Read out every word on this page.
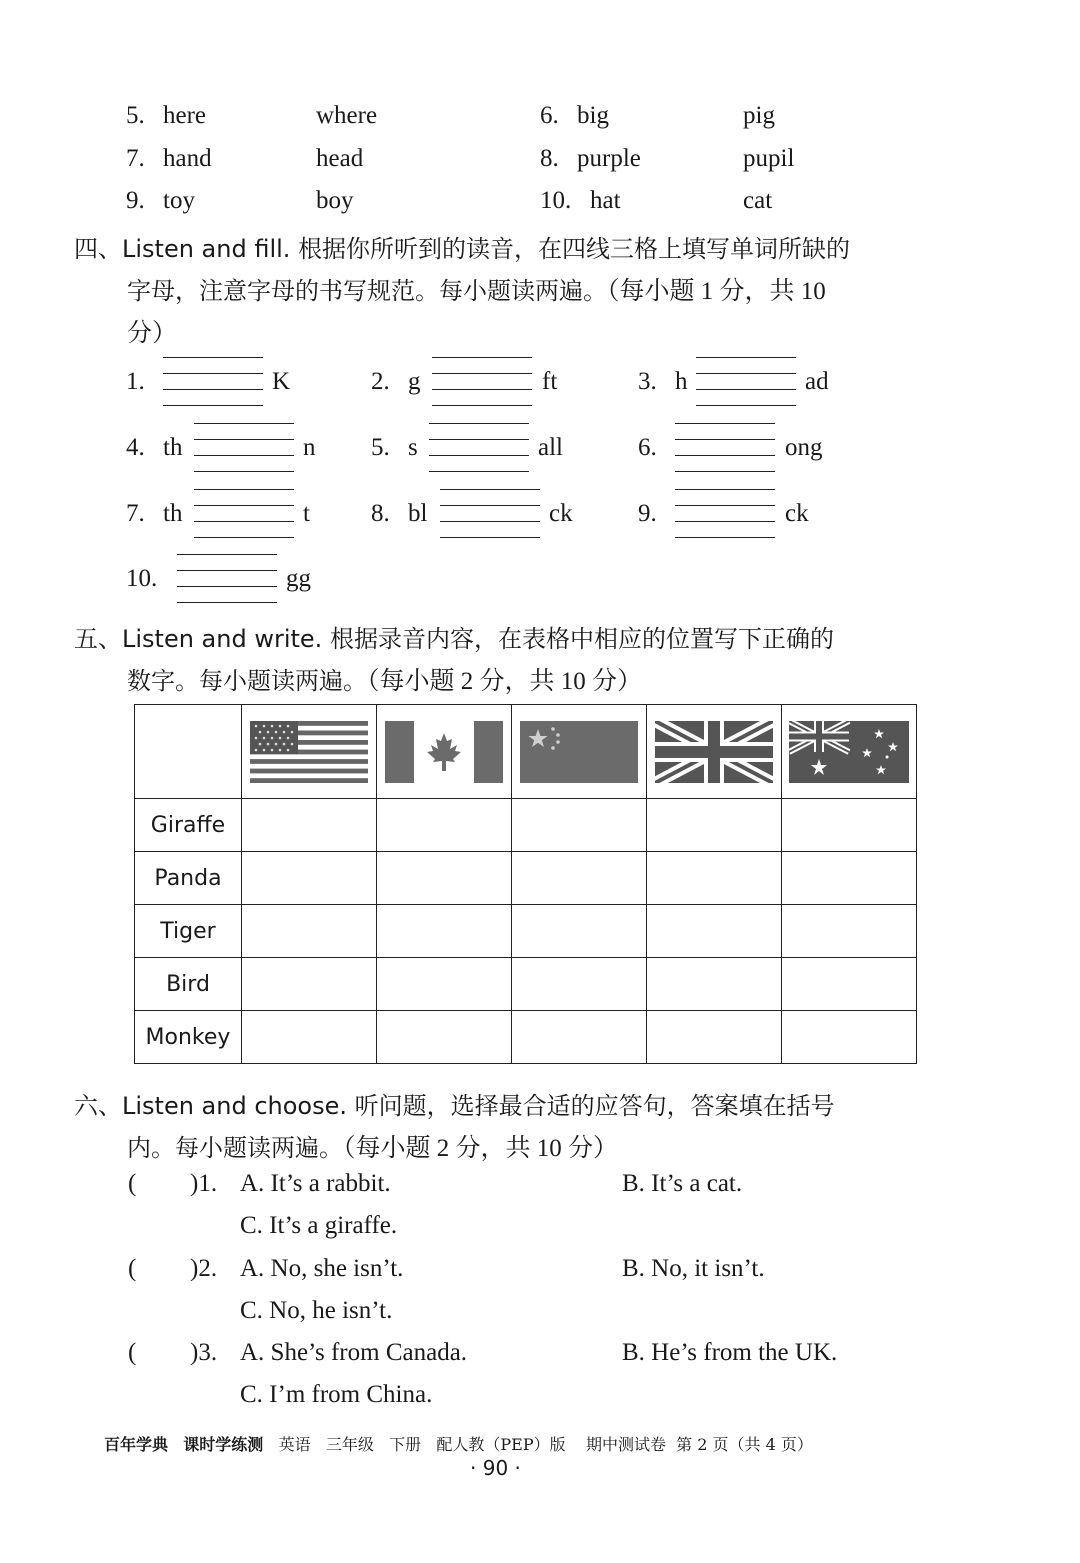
5. here	where	6. big	pig
7. hand	head	8. purple	pupil
9. toy	boy	10. hat	cat
四、Listen and fill. 根据你所听到的读音，在四线三格上填写单词所缺的
字母，注意字母的书写规范。每小题读两遍。（每小题 1 分，共 10
分）
1.	K	2. g	ft	3. h	ad
4. th	n 5. s	all	6.	ong
7. th	t 8. bl	ck	9.	ck
10.	gg
五、Listen and write. 根据录音内容，在表格中相应的位置写下正确的
数字。每小题读两遍。（每小题 2 分，共 10 分）

Giraffe					
Panda					
Tiger					
Bird					
Monkey					
六、Listen and choose. 听问题，选择最合适的应答句，答案填在括号
内。每小题读两遍。（每小题 2 分，共 10 分）
( )1. A. It’s a rabbit.	B. It’s a cat.
C. It’s a giraffe.
( )2. A. No, she isn’t.	B. No, it isn’t.
C. No, he isn’t.
( )3. A. She’s from Canada.	B. He’s from the UK.
C. I’m from China.
百年学典 课时学练测 英语 三年级 下册 配人教（PEP）版 期中测试卷 第 2 页（共 4 页）
· 90 ·
